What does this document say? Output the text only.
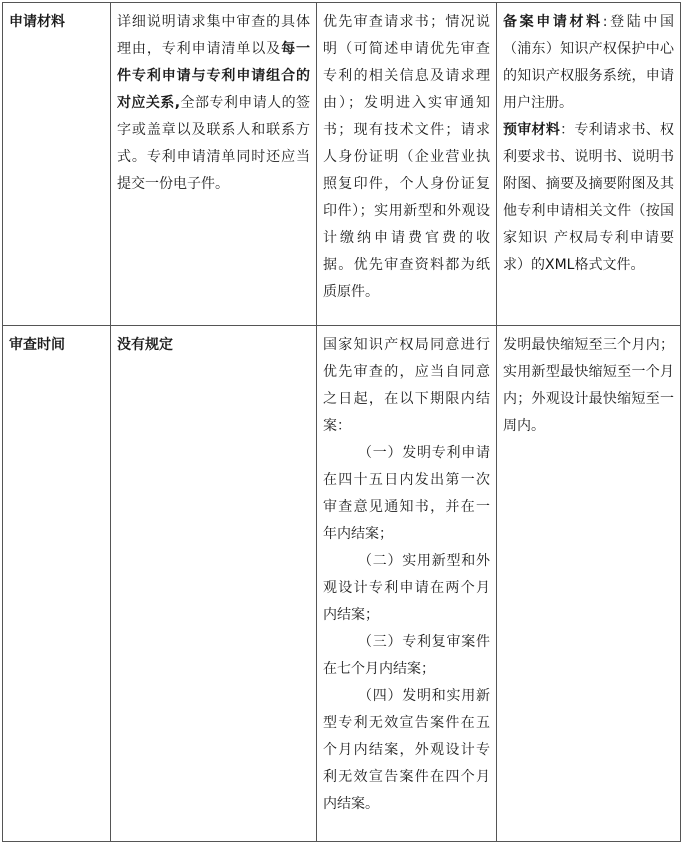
申请材料	详细说明请求集中审查的具体理由，专利申请清单以及每一件专利申请与专利申请组合的对应关系,全部专利申请人的签字或盖章以及联系人和联系方式。专利申请清单同时还应当提交一份电子件。	优先审查请求书；情况说明（可简述申请优先审查专利的相关信息及请求理由）；发明进入实审通知书；现有技术文件；请求人身份证明（企业营业执照复印件，个人身份证复印件）；实用新型和外观设计缴纳申请费官费的收据。优先审查资料都为纸质原件。	备案申请材料:登陆中国（浦东）知识产权保护中心的知识产权服务系统，申请用户注册。
预审材料：专利请求书、权利要求书、说明书、说明书附图、摘要及摘要附图及其他专利申请相关文件（按国家知识 产权局专利申请要求）的XML格式文件。

审查时间	没有规定	国家知识产权局同意进行优先审查的，应当自同意之日起，在以下期限内结案：
（一）发明专利申请在四十五日内发出第一次审查意见通知书，并在一年内结案；
（二）实用新型和外观设计专利申请在两个月内结案；
（三）专利复审案件在七个月内结案；
（四）发明和实用新型专利无效宣告案件在五个月内结案，外观设计专利无效宣告案件在四个月内结案。	发明最快缩短至三个月内；实用新型最快缩短至一个月内；外观设计最快缩短至一周内。
